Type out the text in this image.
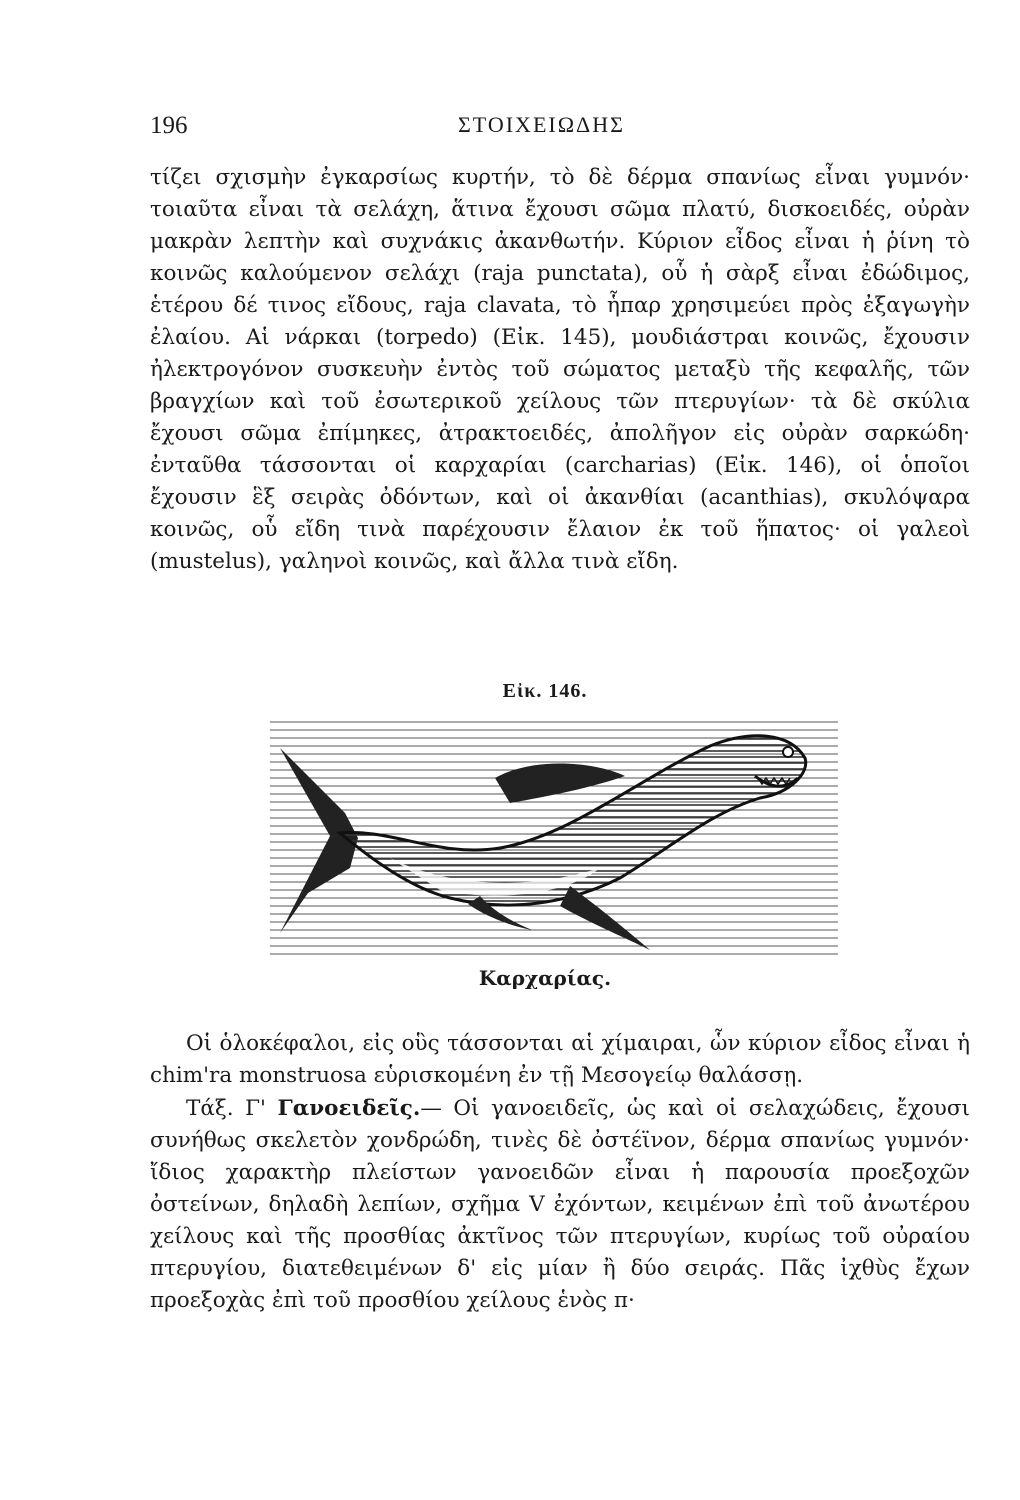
196	ΣΤΟΙΧΕΙΩΔΗΣ

τίζει σχισμὴν ἐγκαρσίως κυρτήν, τὸ δὲ δέρμα σπανίως εἶναι γυμνόν· τοιαῦτα εἶναι τὰ σελάχη, ἅτινα ἔχουσι σῶμα πλατύ, δισκοειδές, οὐρὰν μακρὰν λεπτὴν καὶ συχνάκις ἀκανθωτήν. Κύριον εἶδος εἶναι ἡ ῥίνη τὸ κοινῶς καλούμενον σελάχι (raja punctata), οὗ ἡ σὰρξ εἶναι ἐδώδιμος, ἑτέρου δέ τινος εἴδους, raja clavata, τὸ ἧπαρ χρησιμεύει πρὸς ἐξαγωγὴν ἐλαίου. Αἱ νάρκαι (torpedo) (Εἰκ. 145), μουδιάστραι κοινῶς, ἔχουσιν ἠλεκτρογόνον συσκευὴν ἐντὸς τοῦ σώματος μεταξὺ τῆς κεφαλῆς, τῶν βραγχίων καὶ τοῦ ἐσωτερικοῦ χείλους τῶν πτερυγίων· τὰ δὲ σκύλια ἔχουσι σῶμα ἐπίμηκες, ἀτρακτοειδές, ἀπολῆγον εἰς οὐρὰν σαρκώδη· ἐνταῦθα τάσσονται οἱ καρχαρίαι (carcharias) (Εἰκ. 146), οἱ ὁποῖοι ἔχουσιν ἓξ σειρὰς ὀδόντων, καὶ οἱ ἀκανθίαι (acanthias), σκυλόψαρα κοινῶς, οὗ εἴδη τινὰ παρέχουσιν ἔλαιον ἐκ τοῦ ἥπατος· οἱ γαλεοὶ (mustelus), γαληνοὶ κοινῶς, καὶ ἄλλα τινὰ εἴδη.

Εἰκ. 146.
Καρχαρίας.

Οἱ ὁλοκέφαλοι, εἰς οὓς τάσσονται αἱ χίμαιραι, ὧν κύριον εἶδος εἶναι ἡ chim'ra monstruosa εὑρισκομένη ἐν τῇ Μεσογείῳ θαλάσσῃ.

Τάξ. Γ' Γανοειδεῖς.— Οἱ γανοειδεῖς, ὡς καὶ οἱ σελαχώδεις, ἔχουσι συνήθως σκελετὸν χονδρώδη, τινὲς δὲ ὀστέϊνον, δέρμα σπανίως γυμνόν· ἴδιος χαρακτὴρ πλείστων γανοειδῶν εἶναι ἡ παρουσία προεξοχῶν ὀστείνων, δηλαδὴ λεπίων, σχῆμα V ἐχόντων, κειμένων ἐπὶ τοῦ ἀνωτέρου χείλους καὶ τῆς προσθίας ἀκτῖνος τῶν πτερυγίων, κυρίως τοῦ οὐραίου πτερυγίου, διατεθειμένων δ' εἰς μίαν ἢ δύο σειράς. Πᾶς ἰχθὺς ἔχων προεξοχὰς ἐπὶ τοῦ προσθίου χείλους ἑνὸς π·
